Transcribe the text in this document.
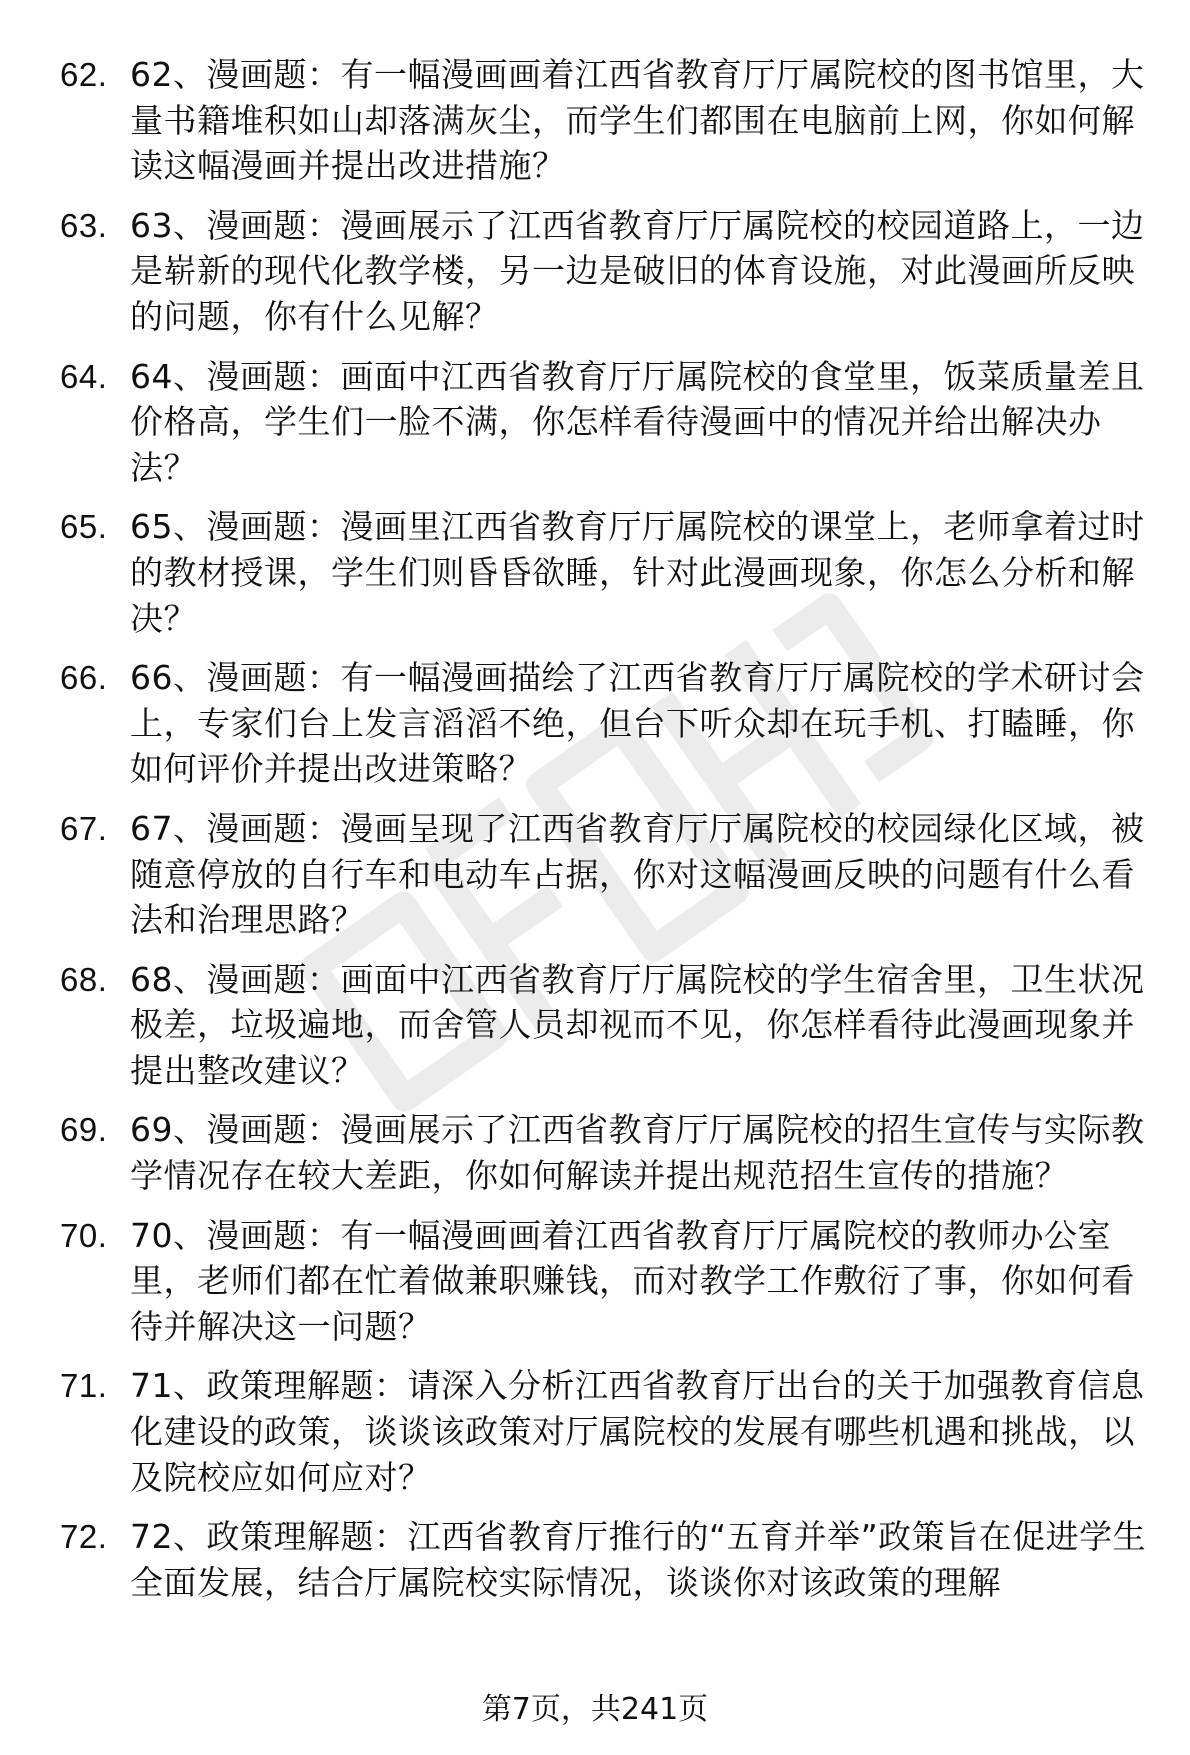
62. 62、漫画题：有一幅漫画画着江西省教育厅厅属院校的图书馆里，大量书籍堆积如山却落满灰尘，而学生们都围在电脑前上网，你如何解读这幅漫画并提出改进措施？
63. 63、漫画题：漫画展示了江西省教育厅厅属院校的校园道路上，一边是崭新的现代化教学楼，另一边是破旧的体育设施，对此漫画所反映的问题，你有什么见解？
64. 64、漫画题：画面中江西省教育厅厅属院校的食堂里，饭菜质量差且价格高，学生们一脸不满，你怎样看待漫画中的情况并给出解决办法？
65. 65、漫画题：漫画里江西省教育厅厅属院校的课堂上，老师拿着过时的教材授课，学生们则昏昏欲睡，针对此漫画现象，你怎么分析和解决？
66. 66、漫画题：有一幅漫画描绘了江西省教育厅厅属院校的学术研讨会上，专家们台上发言滔滔不绝，但台下听众却在玩手机、打瞌睡，你如何评价并提出改进策略？
67. 67、漫画题：漫画呈现了江西省教育厅厅属院校的校园绿化区域，被随意停放的自行车和电动车占据，你对这幅漫画反映的问题有什么看法和治理思路？
68. 68、漫画题：画面中江西省教育厅厅属院校的学生宿舍里，卫生状况极差，垃圾遍地，而舍管人员却视而不见，你怎样看待此漫画现象并提出整改建议？
69. 69、漫画题：漫画展示了江西省教育厅厅属院校的招生宣传与实际教学情况存在较大差距，你如何解读并提出规范招生宣传的措施？
70. 70、漫画题：有一幅漫画画着江西省教育厅厅属院校的教师办公室里，老师们都在忙着做兼职赚钱，而对教学工作敷衍了事，你如何看待并解决这一问题？
71. 71、政策理解题：请深入分析江西省教育厅出台的关于加强教育信息化建设的政策，谈谈该政策对厅属院校的发展有哪些机遇和挑战，以及院校应如何应对？
72. 72、政策理解题：江西省教育厅推行的“五育并举”政策旨在促进学生全面发展，结合厅属院校实际情况，谈谈你对该政策的理解
第7页，共241页
